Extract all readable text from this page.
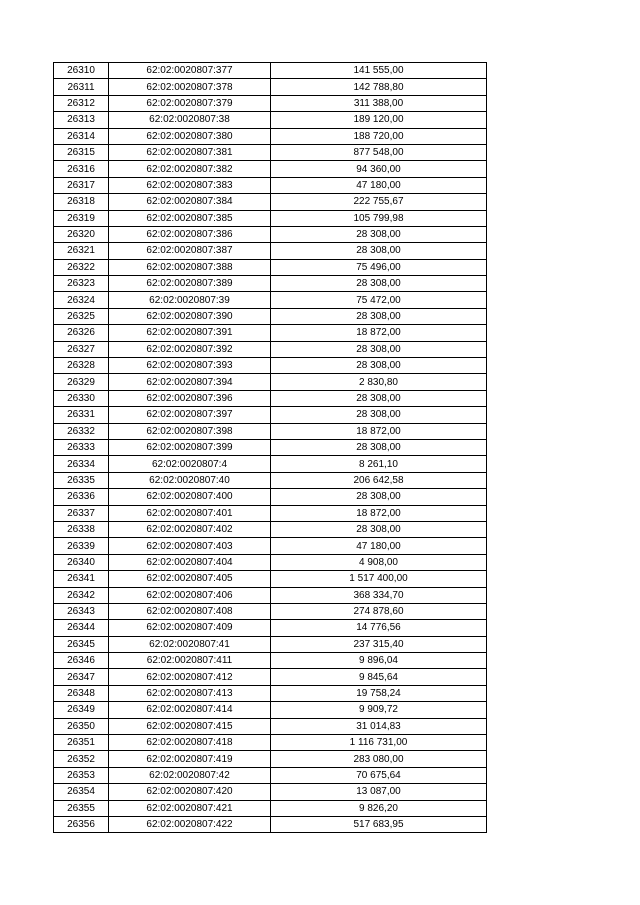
26310	62:02:0020807:377	141 555,00
26311	62:02:0020807:378	142 788,80
26312	62:02:0020807:379	311 388,00
26313	62:02:0020807:38	189 120,00
26314	62:02:0020807:380	188 720,00
26315	62:02:0020807:381	877 548,00
26316	62:02:0020807:382	94 360,00
26317	62:02:0020807:383	47 180,00
26318	62:02:0020807:384	222 755,67
26319	62:02:0020807:385	105 799,98
26320	62:02:0020807:386	28 308,00
26321	62:02:0020807:387	28 308,00
26322	62:02:0020807:388	75 496,00
26323	62:02:0020807:389	28 308,00
26324	62:02:0020807:39	75 472,00
26325	62:02:0020807:390	28 308,00
26326	62:02:0020807:391	18 872,00
26327	62:02:0020807:392	28 308,00
26328	62:02:0020807:393	28 308,00
26329	62:02:0020807:394	2 830,80
26330	62:02:0020807:396	28 308,00
26331	62:02:0020807:397	28 308,00
26332	62:02:0020807:398	18 872,00
26333	62:02:0020807:399	28 308,00
26334	62:02:0020807:4	8 261,10
26335	62:02:0020807:40	206 642,58
26336	62:02:0020807:400	28 308,00
26337	62:02:0020807:401	18 872,00
26338	62:02:0020807:402	28 308,00
26339	62:02:0020807:403	47 180,00
26340	62:02:0020807:404	4 908,00
26341	62:02:0020807:405	1 517 400,00
26342	62:02:0020807:406	368 334,70
26343	62:02:0020807:408	274 878,60
26344	62:02:0020807:409	14 776,56
26345	62:02:0020807:41	237 315,40
26346	62:02:0020807:411	9 896,04
26347	62:02:0020807:412	9 845,64
26348	62:02:0020807:413	19 758,24
26349	62:02:0020807:414	9 909,72
26350	62:02:0020807:415	31 014,83
26351	62:02:0020807:418	1 116 731,00
26352	62:02:0020807:419	283 080,00
26353	62:02:0020807:42	70 675,64
26354	62:02:0020807:420	13 087,00
26355	62:02:0020807:421	9 826,20
26356	62:02:0020807:422	517 683,95
